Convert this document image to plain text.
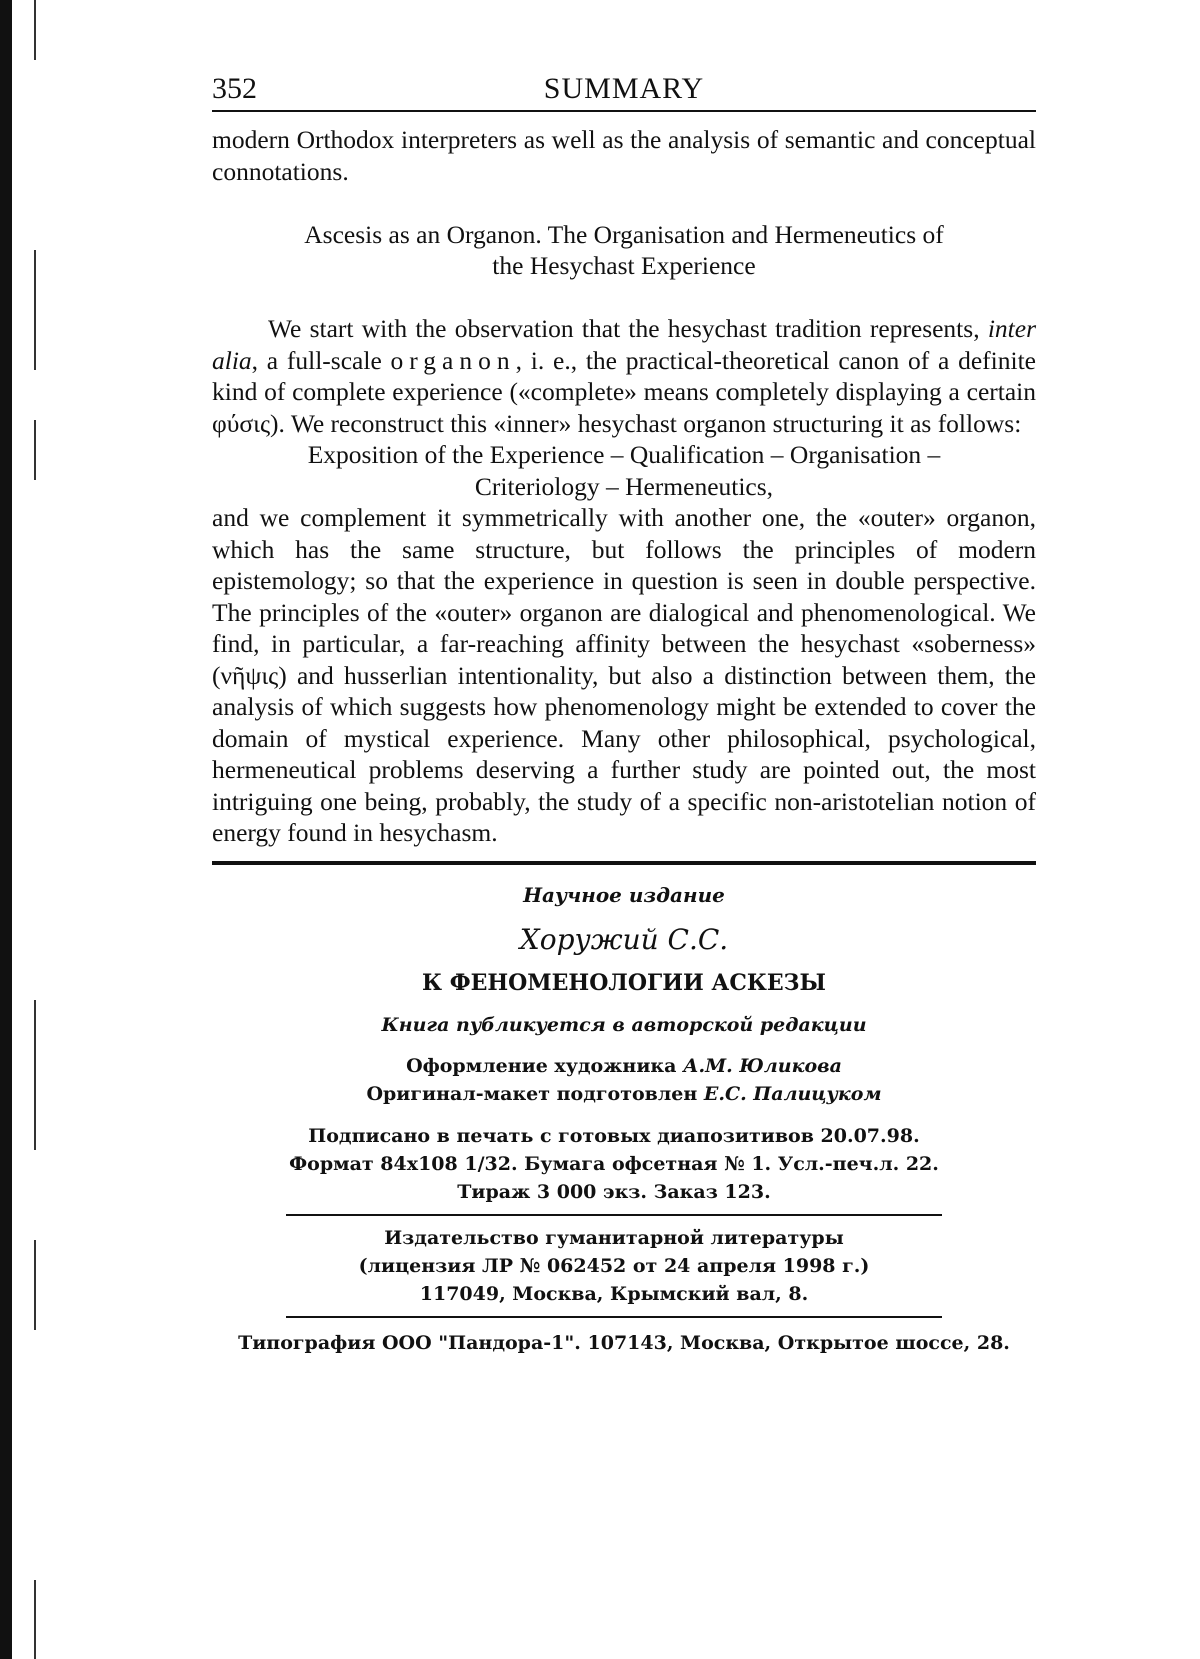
352	SUMMARY

modern Orthodox interpreters as well as the analysis of semantic and conceptual connotations.

Ascesis as an Organon. The Organisation and Hermeneutics of
the Hesychast Experience

We start with the observation that the hesychast tradition represents, inter alia, a full-scale organon, i. e., the practical-theoretical canon of a definite kind of complete experience («complete» means completely displaying a certain φύσις). We reconstruct this «inner» hesychast organon structuring it as follows:

Exposition of the Experience – Qualification – Organisation –
Criteriology – Hermeneutics,

and we complement it symmetrically with another one, the «outer» organon, which has the same structure, but follows the principles of modern epistemology; so that the experience in question is seen in double perspective. The principles of the «outer» organon are dialogical and phenomenological. We find, in particular, a far-reaching affinity between the hesychast «soberness» (νῆψις) and husserlian intentionality, but also a distinction between them, the analysis of which suggests how phenomenology might be extended to cover the domain of mystical experience. Many other philosophical, psychological, hermeneutical problems deserving a further study are pointed out, the most intriguing one being, probably, the study of a specific non-aristotelian notion of energy found in hesychasm.

Научное издание
Хоружий С.С.
К ФЕНОМЕНОЛОГИИ АСКЕЗЫ
Книга публикуется в авторской редакции
Оформление художника А.М. Юликова
Оригинал-макет подготовлен Е.С. Палицуком
Подписано в печать с готовых диапозитивов 20.07.98.
Формат 84x108 1/32. Бумага офсетная № 1. Усл.-печ.л. 22.
Тираж 3 000 экз. Заказ 123.
Издательство гуманитарной литературы
(лицензия ЛР № 062452 от 24 апреля 1998 г.)
117049, Москва, Крымский вал, 8.
Типография ООО "Пандора-1". 107143, Москва, Открытое шоссе, 28.
